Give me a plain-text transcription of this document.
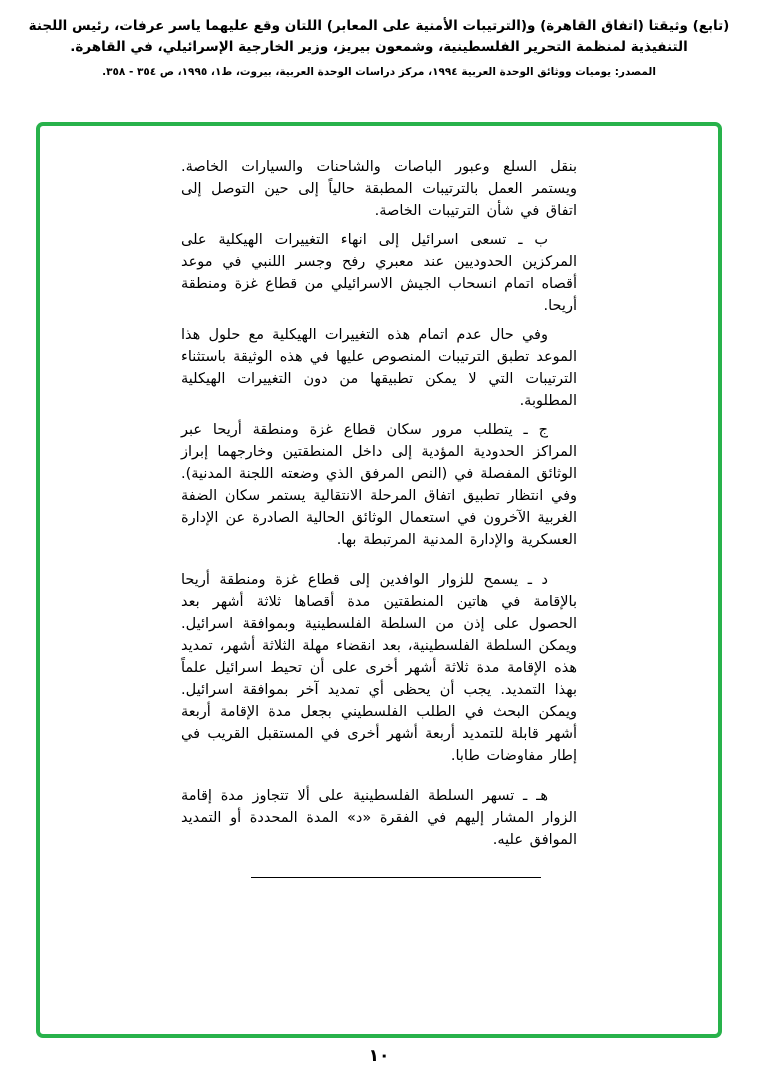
(تابع) وثيقتا (اتفاق القاهرة) و(الترتيبات الأمنية على المعابر) اللتان وقع عليهما ياسر عرفات، رئيس اللجنة
التنفيذية لمنظمة التحرير الفلسطينية، وشمعون بيريز، وزير الخارجية الإسرائيلي، في القاهرة.
المصدر: يوميات ووثائق الوحدة العربية ١٩٩٤، مركز دراسات الوحدة العربية، بيروت، ط١، ١٩٩٥، ص ٣٥٤ - ٣٥٨.

بنقل السلع وعبور الباصات والشاحنات والسيارات الخاصة. ويستمر العمل بالترتيبات المطبقة حالياً إلى حين التوصل إلى اتفاق في شأن الترتيبات الخاصة.

ب ـ تسعى اسرائيل إلى انهاء التغييرات الهيكلية على المركزين الحدوديين عند معبري رفح وجسر اللنبي في موعد أقصاه اتمام انسحاب الجيش الاسرائيلي من قطاع غزة ومنطقة أريحا.

وفي حال عدم اتمام هذه التغييرات الهيكلية مع حلول هذا الموعد تطبق الترتيبات المنصوص عليها في هذه الوثيقة باستثناء الترتيبات التي لا يمكن تطبيقها من دون التغييرات الهيكلية المطلوبة.

ج ـ يتطلب مرور سكان قطاع غزة ومنطقة أريحا عبر المراكز الحدودية المؤدية إلى داخل المنطقتين وخارجهما إبراز الوثائق المفصلة في (النص المرفق الذي وضعته اللجنة المدنية). وفي انتظار تطبيق اتفاق المرحلة الانتقالية يستمر سكان الضفة الغربية الآخرون في استعمال الوثائق الحالية الصادرة عن الإدارة العسكرية والإدارة المدنية المرتبطة بها.

د ـ يسمح للزوار الوافدين إلى قطاع غزة ومنطقة أريحا بالإقامة في هاتين المنطقتين مدة أقصاها ثلاثة أشهر بعد الحصول على إذن من السلطة الفلسطينية وبموافقة اسرائيل. ويمكن السلطة الفلسطينية، بعد انقضاء مهلة الثلاثة أشهر، تمديد هذه الإقامة مدة ثلاثة أشهر أخرى على أن تحيط اسرائيل علماً بهذا التمديد. يجب أن يحظى أي تمديد آخر بموافقة اسرائيل. ويمكن البحث في الطلب الفلسطيني بجعل مدة الإقامة أربعة أشهر قابلة للتمديد أربعة أشهر أخرى في المستقبل القريب في إطار مفاوضات طابا.

هـ ـ تسهر السلطة الفلسطينية على ألا تتجاوز مدة إقامة الزوار المشار إليهم في الفقرة «د» المدة المحددة أو التمديد الموافق عليه.

١٠
